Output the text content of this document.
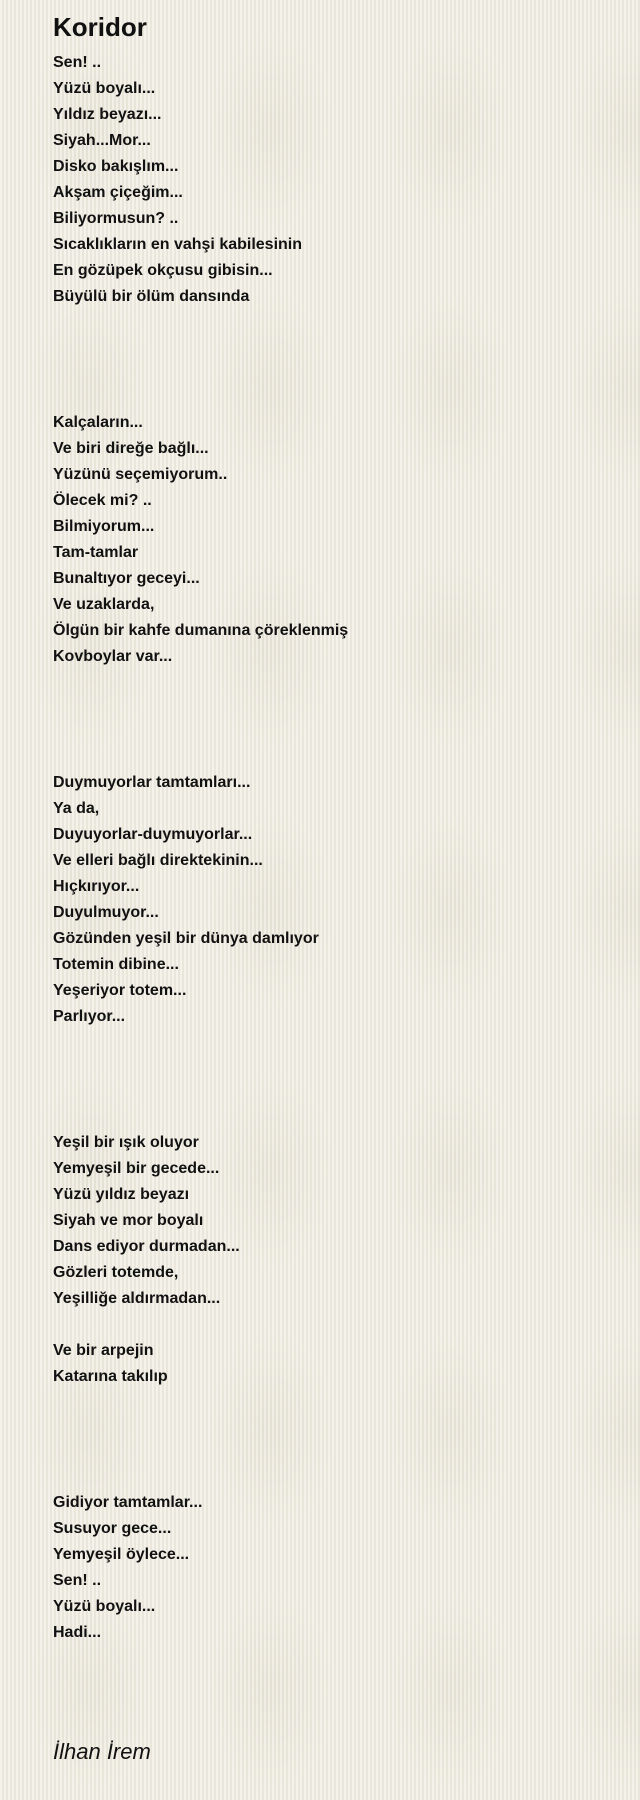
Koridor
Sen! ..
Yüzü boyalı...
Yıldız beyazı...
Siyah...Mor...
Disko bakışlım...
Akşam çiçeğim...
Biliyormusun? ..
Sıcaklıkların en vahşi kabilesinin
En gözüpek okçusu gibisin...
Büyülü bir ölüm dansında
Kalçaların...
Ve biri direğe bağlı...
Yüzünü seçemiyorum..
Ölecek mi? ..
Bilmiyorum...
Tam-tamlar
Bunaltıyor geceyi...
Ve uzaklarda,
Ölgün bir kahfe dumanına çöreklenmiş
Kovboylar var...
Duymuyorlar tamtamları...
Ya da,
Duyuyorlar-duymuyorlar...
Ve elleri bağlı direktekinin...
Hıçkırıyor...
Duyulmuyor...
Gözünden yeşil bir dünya damlıyor
Totemin dibine...
Yeşeriyor totem...
Parlıyor...
Yeşil bir ışık oluyor
Yemyeşil bir gecede...
Yüzü yıldız beyazı
Siyah ve mor boyalı
Dans ediyor durmadan...
Gözleri totemde,
Yeşilliğe aldırmadan...
Ve bir arpejin
Katarına takılıp
Gidiyor tamtamlar...
Susuyor gece...
Yemyeşil öylece...
Sen! ..
Yüzü boyalı...
Hadi...
İlhan İrem
